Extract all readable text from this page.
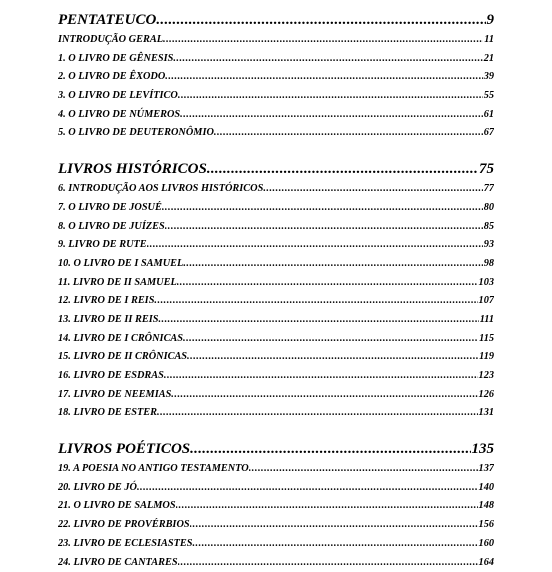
PENTATEUCO .....	9
INTRODUÇÃO GERAL .....	11
1. O LIVRO DE GÊNESIS .....	21
2. O LIVRO DE ÊXODO .....	39
3. O LIVRO DE LEVÍTICO .....	55
4. O LIVRO DE NÚMEROS .....	61
5. O LIVRO DE DEUTERONÔMIO .....	67
LIVROS HISTÓRICOS .....	75
6. INTRODUÇÃO AOS LIVROS HISTÓRICOS .....	77
7. O LIVRO DE JOSUÉ .....	80
8. O LIVRO DE JUÍZES .....	85
9. LIVRO DE RUTE .....	93
10. O LIVRO DE I SAMUEL .....	98
11. LIVRO DE II SAMUEL .....	103
12. LIVRO DE I REIS .....	107
13. LIVRO DE II REIS .....	111
14. LIVRO DE I CRÔNICAS .....	115
15. LIVRO DE II CRÔNICAS .....	119
16. LIVRO DE ESDRAS .....	123
17. LIVRO DE NEEMIAS .....	126
18. LIVRO DE ESTER .....	131
LIVROS POÉTICOS .....	135
19. A POESIA NO ANTIGO TESTAMENTO .....	137
20. LIVRO DE JÓ .....	140
21. O LIVRO DE SALMOS .....	148
22. LIVRO DE PROVÉRBIOS .....	156
23. LIVRO DE ECLESIASTES .....	160
24. LIVRO DE CANTARES .....	164
